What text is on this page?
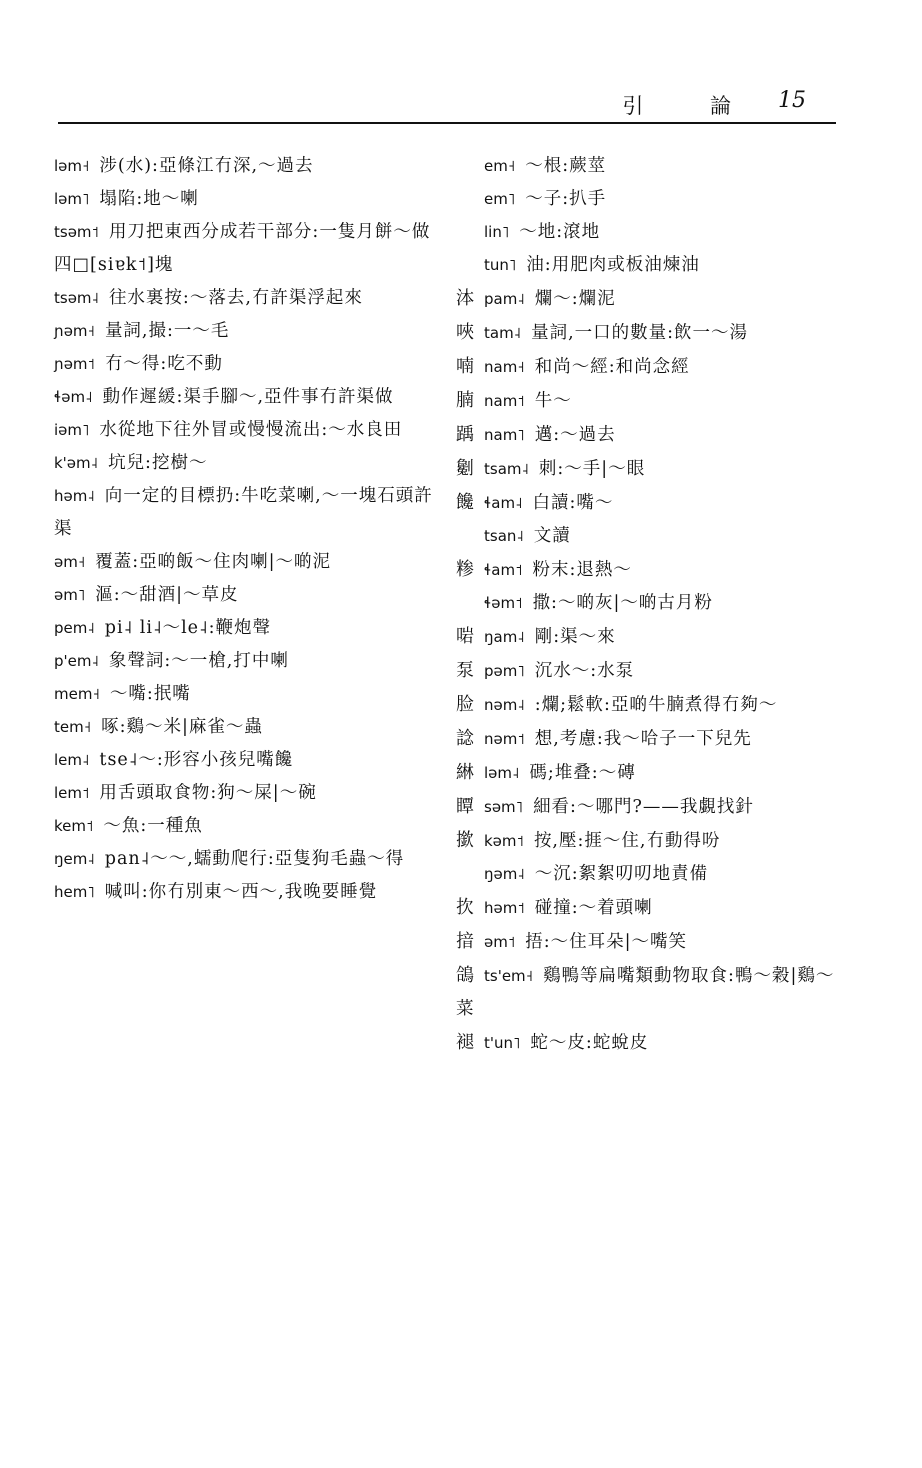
引 論 15
ləm˧ 涉(水):亞條江冇深,～過去
ləm˥ 塌陷:地～喇
tsəm˦ 用刀把東西分成若干部分:一隻月餅～做四□[siɐk˦]塊
tsəm˨ 往水裏按:～落去,冇許渠浮起來
ɲəm˧ 量詞,撮:一～毛
ɲəm˦ 冇～得:吃不動
ɬəm˨ 動作遲緩:渠手腳～,亞件事冇許渠做
iəm˥ 水從地下往外冒或慢慢流出:～水良田
k'əm˨ 坑兒:挖樹～
həm˨ 向一定的目標扔:牛吃菜喇,～一塊石頭許渠
əm˧ 覆蓋:亞啲飯～住肉喇|～啲泥
əm˥ 漚:～甜酒|～草皮
pem˨ pi˨ li˨～le˨:鞭炮聲
p'em˨ 象聲詞:～一槍,打中喇
mem˧ ～嘴:抿嘴
tem˧ 啄:鷄～米|麻雀～蟲
lem˨ tse˨～:形容小孩兒嘴饞
lem˦ 用舌頭取食物:狗～屎|～碗
kem˦ ～魚:一種魚
ŋem˨ pan˨～～,蠕動爬行:亞隻狗毛蟲～得
hem˥ 喊叫:你冇別東～西～,我晚要睡覺
em˧ ～根:蕨莖
em˥ ～子:扒手
lin˥ ～地:滾地
tun˥ 油:用肥肉或板油煉油
泍 pam˨ 爛～:爛泥
唊 tam˨ 量詞,一口的數量:飲一～湯
喃 nam˧ 和尚～經:和尚念經
腩 nam˦ 牛～
踽 nam˥ 邁:～過去
劖 tsam˨ 刺:～手|～眼
饞 ɬam˨ 白讀:嘴～
tsan˨ 文讀
糁 ɬam˦ 粉末:退熱～
ɬəm˦ 撒:～啲灰|～啲古月粉
啱 ŋam˨ 剛:渠～來
泵 pəm˥ 沉水～:水泵
脸 nəm˨ :爛;鬆軟:亞啲牛腩煮得冇夠～
諗 nəm˦ 想,考慮:我～哈子一下兒先
綝 ləm˨ 碼;堆叠:～磚
瞫 səm˥ 細看:～哪門?——我覷找針
撳 kəm˦ 按,壓:捱～住,冇動得吩
ŋəm˨ ～沉:絮絮叨叨地責備
扻 həm˦ 碰撞:～着頭喇
揞 əm˦ 捂:～住耳朵|～嘴笑
鴿 ts'em˧ 鷄鴨等扁嘴類動物取食:鴨～穀|鷄～菜
褪 t'un˥ 蛇～皮:蛇蛻皮
